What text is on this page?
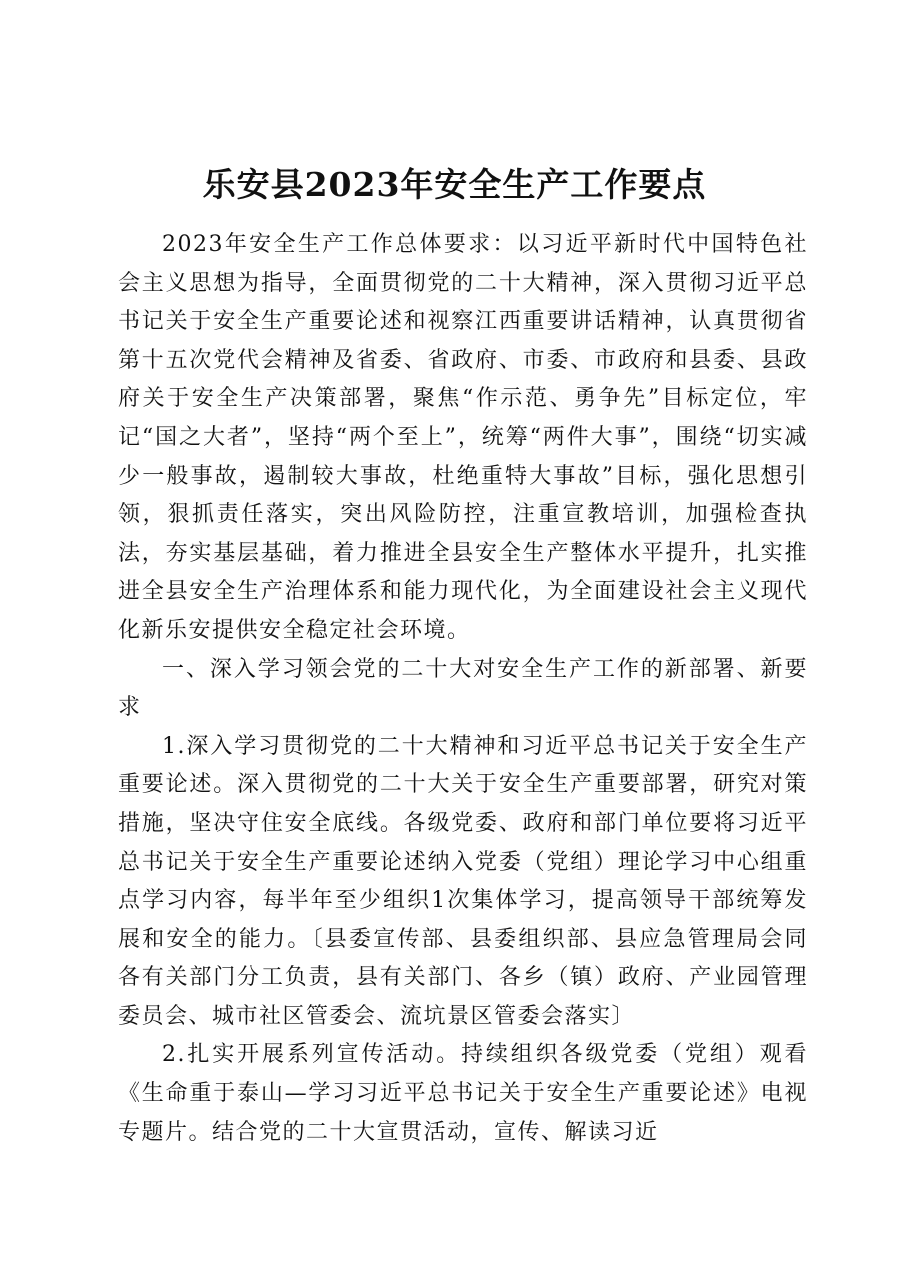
乐安县2023年安全生产工作要点

2023年安全生产工作总体要求：以习近平新时代中国特色社会主义思想为指导，全面贯彻党的二十大精神，深入贯彻习近平总书记关于安全生产重要论述和视察江西重要讲话精神，认真贯彻省第十五次党代会精神及省委、省政府、市委、市政府和县委、县政府关于安全生产决策部署，聚焦“作示范、勇争先”目标定位，牢记“国之大者”，坚持“两个至上”，统筹“两件大事”，围绕“切实减少一般事故，遏制较大事故，杜绝重特大事故”目标，强化思想引领，狠抓责任落实，突出风险防控，注重宣教培训，加强检查执法，夯实基层基础，着力推进全县安全生产整体水平提升，扎实推进全县安全生产治理体系和能力现代化，为全面建设社会主义现代化新乐安提供安全稳定社会环境。

一、深入学习领会党的二十大对安全生产工作的新部署、新要求

1.深入学习贯彻党的二十大精神和习近平总书记关于安全生产重要论述。深入贯彻党的二十大关于安全生产重要部署，研究对策措施，坚决守住安全底线。各级党委、政府和部门单位要将习近平总书记关于安全生产重要论述纳入党委（党组）理论学习中心组重点学习内容，每半年至少组织1次集体学习，提高领导干部统筹发展和安全的能力。〔县委宣传部、县委组织部、县应急管理局会同各有关部门分工负责，县有关部门、各乡（镇）政府、产业园管理委员会、城市社区管委会、流坑景区管委会落实〕

2.扎实开展系列宣传活动。持续组织各级党委（党组）观看《生命重于泰山—学习习近平总书记关于安全生产重要论述》电视专题片。结合党的二十大宣贯活动，宣传、解读习近
